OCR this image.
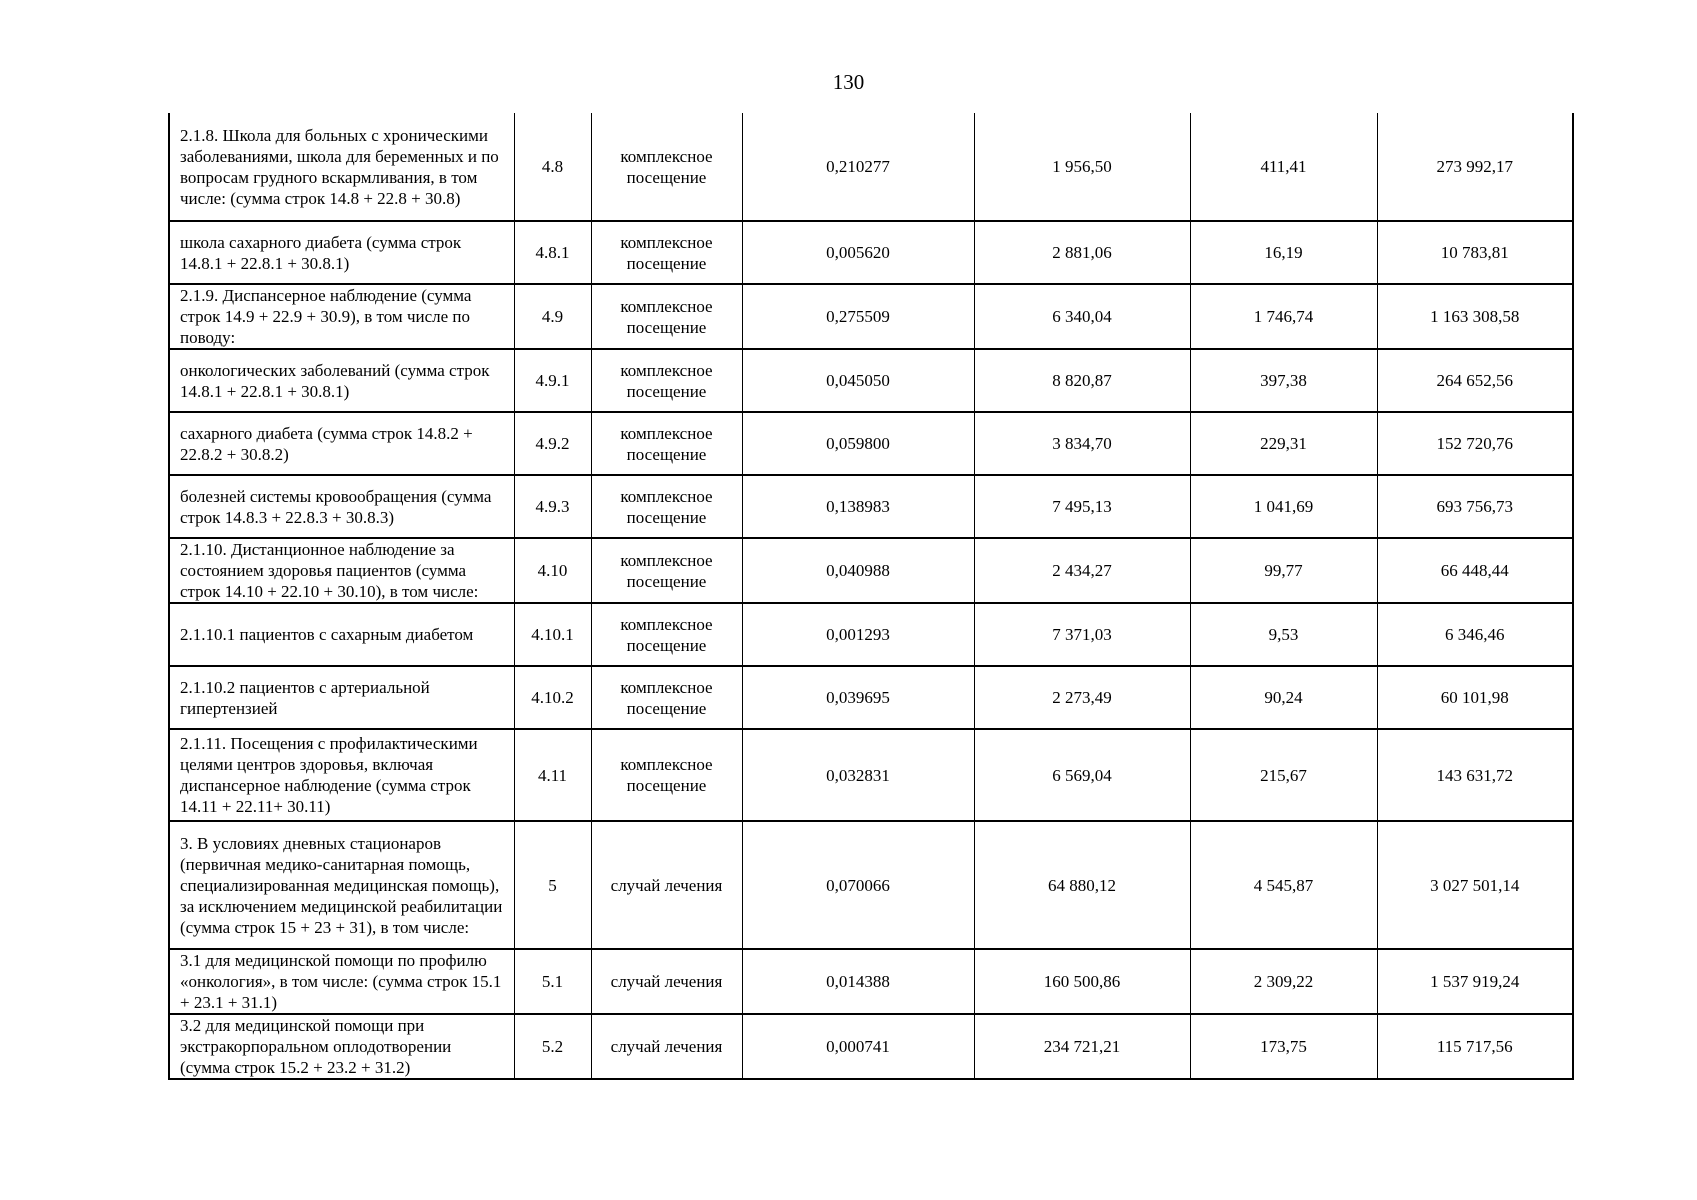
130
2.1.8. Школа для больных с хроническими заболеваниями, школа для беременных и по вопросам грудного вскармливания, в том числе: (сумма строк 14.8 + 22.8 + 30.8)	4.8	комплексное посещение	0,210277	1 956,50	411,41	273 992,17
школа сахарного диабета (сумма строк 14.8.1 + 22.8.1 + 30.8.1)	4.8.1	комплексное посещение	0,005620	2 881,06	16,19	10 783,81
2.1.9. Диспансерное наблюдение (сумма строк 14.9 + 22.9 + 30.9), в том числе по поводу:	4.9	комплексное посещение	0,275509	6 340,04	1 746,74	1 163 308,58
онкологических заболеваний (сумма строк 14.8.1 + 22.8.1 + 30.8.1)	4.9.1	комплексное посещение	0,045050	8 820,87	397,38	264 652,56
сахарного диабета (сумма строк 14.8.2 + 22.8.2 + 30.8.2)	4.9.2	комплексное посещение	0,059800	3 834,70	229,31	152 720,76
болезней системы кровообращения (сумма строк 14.8.3 + 22.8.3 + 30.8.3)	4.9.3	комплексное посещение	0,138983	7 495,13	1 041,69	693 756,73
2.1.10. Дистанционное наблюдение за состоянием здоровья пациентов (сумма строк 14.10 + 22.10 + 30.10), в том числе:	4.10	комплексное посещение	0,040988	2 434,27	99,77	66 448,44
2.1.10.1 пациентов с сахарным диабетом	4.10.1	комплексное посещение	0,001293	7 371,03	9,53	6 346,46
2.1.10.2 пациентов с артериальной гипертензией	4.10.2	комплексное посещение	0,039695	2 273,49	90,24	60 101,98
2.1.11. Посещения с профилактическими целями центров здоровья, включая диспансерное наблюдение (сумма строк 14.11 + 22.11+ 30.11)	4.11	комплексное посещение	0,032831	6 569,04	215,67	143 631,72
3. В условиях дневных стационаров (первичная медико-санитарная помощь, специализированная медицинская помощь), за исключением медицинской реабилитации (сумма строк 15 + 23 + 31), в том числе:	5	случай лечения	0,070066	64 880,12	4 545,87	3 027 501,14
3.1 для медицинской помощи по профилю «онкология», в том числе: (сумма строк 15.1 + 23.1 + 31.1)	5.1	случай лечения	0,014388	160 500,86	2 309,22	1 537 919,24
3.2 для медицинской помощи при экстракорпоральном оплодотворении (сумма строк 15.2 + 23.2 + 31.2)	5.2	случай лечения	0,000741	234 721,21	173,75	115 717,56
